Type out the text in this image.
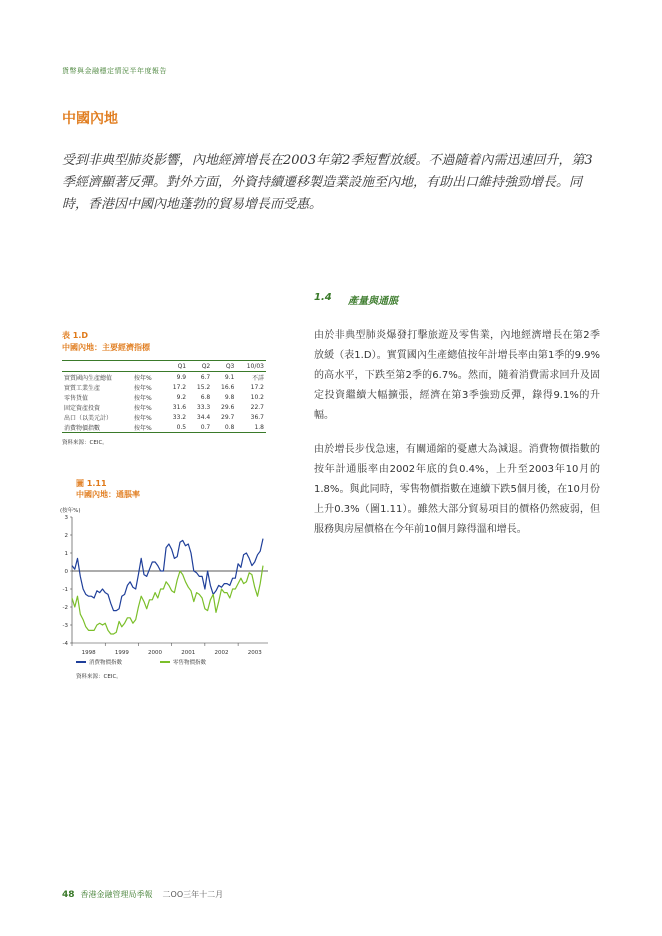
貨幣與金融穩定情況半年度報告
中國內地
受到非典型肺炎影響，內地經濟增長在2003年第2季短暫放緩。不過隨着內需迅速回升，第3季經濟顯著反彈。對外方面，外資持續遷移製造業設施至內地，有助出口維持強勁增長。同時，香港因中國內地蓬勃的貿易增長而受惠。
1.4 產量與通脹
由於非典型肺炎爆發打擊旅遊及零售業，內地經濟增長在第2季放緩（表1.D）。實質國內生產總值按年計增長率由第1季的9.9%的高水平，下跌至第2季的6.7%。然而，隨着消費需求回升及固定投資繼續大幅擴張，經濟在第3季強勁反彈，錄得9.1%的升幅。
由於增長步伐急速，有關通縮的憂慮大為減退。消費物價指數的按年計通脹率由2002年底的負0.4%，上升至2003年10月的1.8%。與此同時，零售物價指數在連續下跌5個月後，在10月份上升0.3%（圖1.11）。雖然大部分貿易項目的價格仍然疲弱，但服務與房屋價格在今年前10個月錄得溫和增長。
表 1.D
中國內地：主要經濟指標
		Q1	Q2	Q3	10/03
實質國內生產總值	按年%	9.9	6.7	9.1	不詳
實質工業生產	按年%	17.2	15.2	16.6	17.2
零售貨值	按年%	9.2	6.8	9.8	10.2
固定資產投資	按年%	31.6	33.3	29.6	22.7
出口（以美元計）	按年%	33.2	34.4	29.7	36.7
消費物價指數	按年%	0.5	0.7	0.8	1.8
資料來源：CEIC。
圖 1.11
中國內地：通脹率
(按年%)
3
2
1
0
-1
-2
-3
-4
1998	1999	2000	2001	2002	2003
消費物價指數	零售物價指數
資料來源：CEIC。
48 香港金融管理局季報 二ОО三年十二月
